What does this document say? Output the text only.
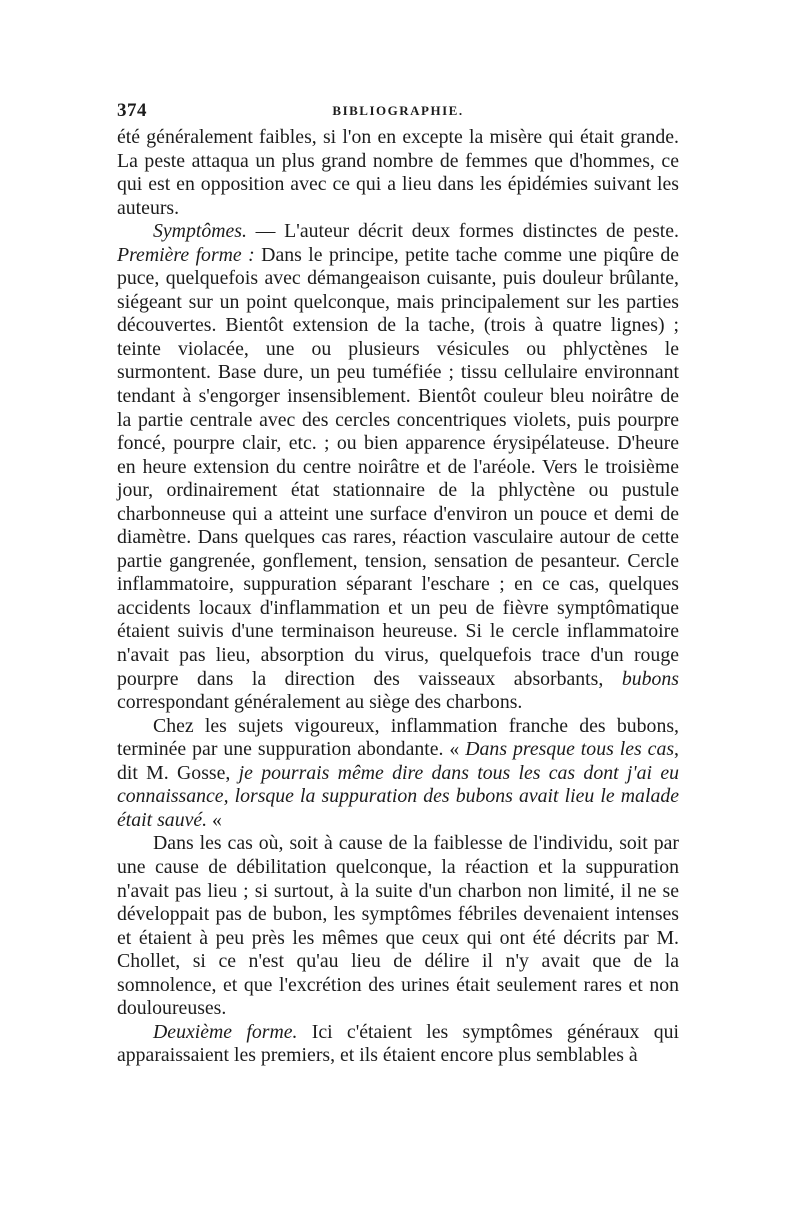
374	BIBLIOGRAPHIE.

été généralement faibles, si l'on en excepte la misère qui était grande. La peste attaqua un plus grand nombre de femmes que d'hommes, ce qui est en opposition avec ce qui a lieu dans les épidémies suivant les auteurs.

Symptômes. — L'auteur décrit deux formes distinctes de peste. Première forme : Dans le principe, petite tache comme une piqûre de puce, quelquefois avec démangeaison cuisante, puis douleur brûlante, siégeant sur un point quelconque, mais principalement sur les parties découvertes. Bientôt extension de la tache, (trois à quatre lignes) ; teinte violacée, une ou plusieurs vésicules ou phlyctènes le surmontent. Base dure, un peu tuméfiée ; tissu cellulaire environnant tendant à s'engorger insensiblement. Bientôt couleur bleu noirâtre de la partie centrale avec des cercles concentriques violets, puis pourpre foncé, pourpre clair, etc. ; ou bien apparence érysipélateuse. D'heure en heure extension du centre noirâtre et de l'aréole. Vers le troisième jour, ordinairement état stationnaire de la phlyctène ou pustule charbonneuse qui a atteint une surface d'environ un pouce et demi de diamètre. Dans quelques cas rares, réaction vasculaire autour de cette partie gangrenée, gonflement, tension, sensation de pesanteur. Cercle inflammatoire, suppuration séparant l'eschare ; en ce cas, quelques accidents locaux d'inflammation et un peu de fièvre symptômatique étaient suivis d'une terminaison heureuse. Si le cercle inflammatoire n'avait pas lieu, absorption du virus, quelquefois trace d'un rouge pourpre dans la direction des vaisseaux absorbants, bubons correspondant généralement au siège des charbons.

Chez les sujets vigoureux, inflammation franche des bubons, terminée par une suppuration abondante. « Dans presque tous les cas, dit M. Gosse, je pourrais même dire dans tous les cas dont j'ai eu connaissance, lorsque la suppuration des bubons avait lieu le malade était sauvé. «

Dans les cas où, soit à cause de la faiblesse de l'individu, soit par une cause de débilitation quelconque, la réaction et la suppuration n'avait pas lieu ; si surtout, à la suite d'un charbon non limité, il ne se développait pas de bubon, les symptômes fébriles devenaient intenses et étaient à peu près les mêmes que ceux qui ont été décrits par M. Chollet, si ce n'est qu'au lieu de délire il n'y avait que de la somnolence, et que l'excrétion des urines était seulement rares et non douloureuses.

Deuxième forme. Ici c'étaient les symptômes généraux qui apparaissaient les premiers, et ils étaient encore plus semblables à
